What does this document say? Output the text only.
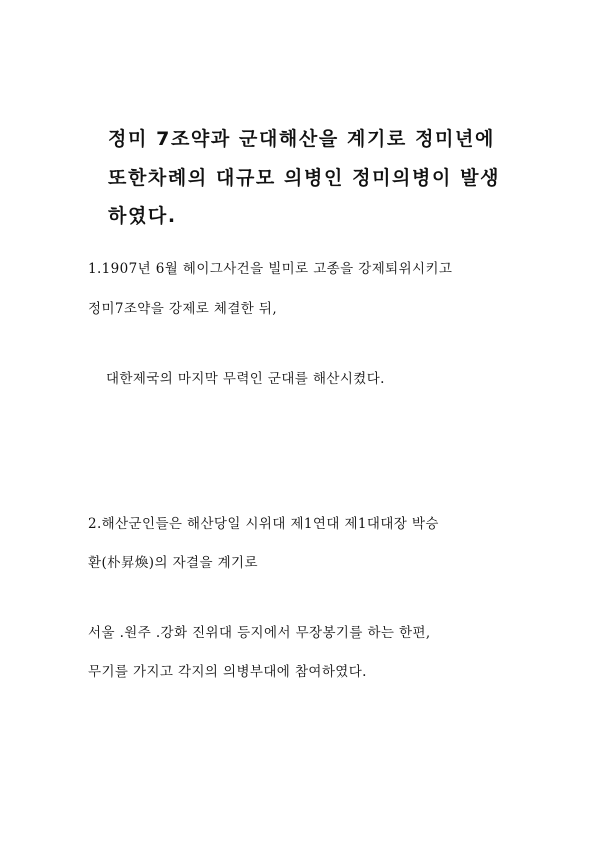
정미 7조약과 군대해산을 계기로 정미년에
또한차례의 대규모 의병인 정미의병이 발생
하였다.
1.1907년 6월 헤이그사건을 빌미로 고종을 강제퇴위시키고
정미7조약을 강제로 체결한 뒤,
대한제국의 마지막 무력인 군대를 해산시켰다.
2.해산군인들은 해산당일 시위대 제1연대 제1대대장 박승
환(朴昇煥)의 자결을 계기로
서울 .원주 .강화 진위대 등지에서 무장봉기를 하는 한편,
무기를 가지고 각지의 의병부대에 참여하였다.
